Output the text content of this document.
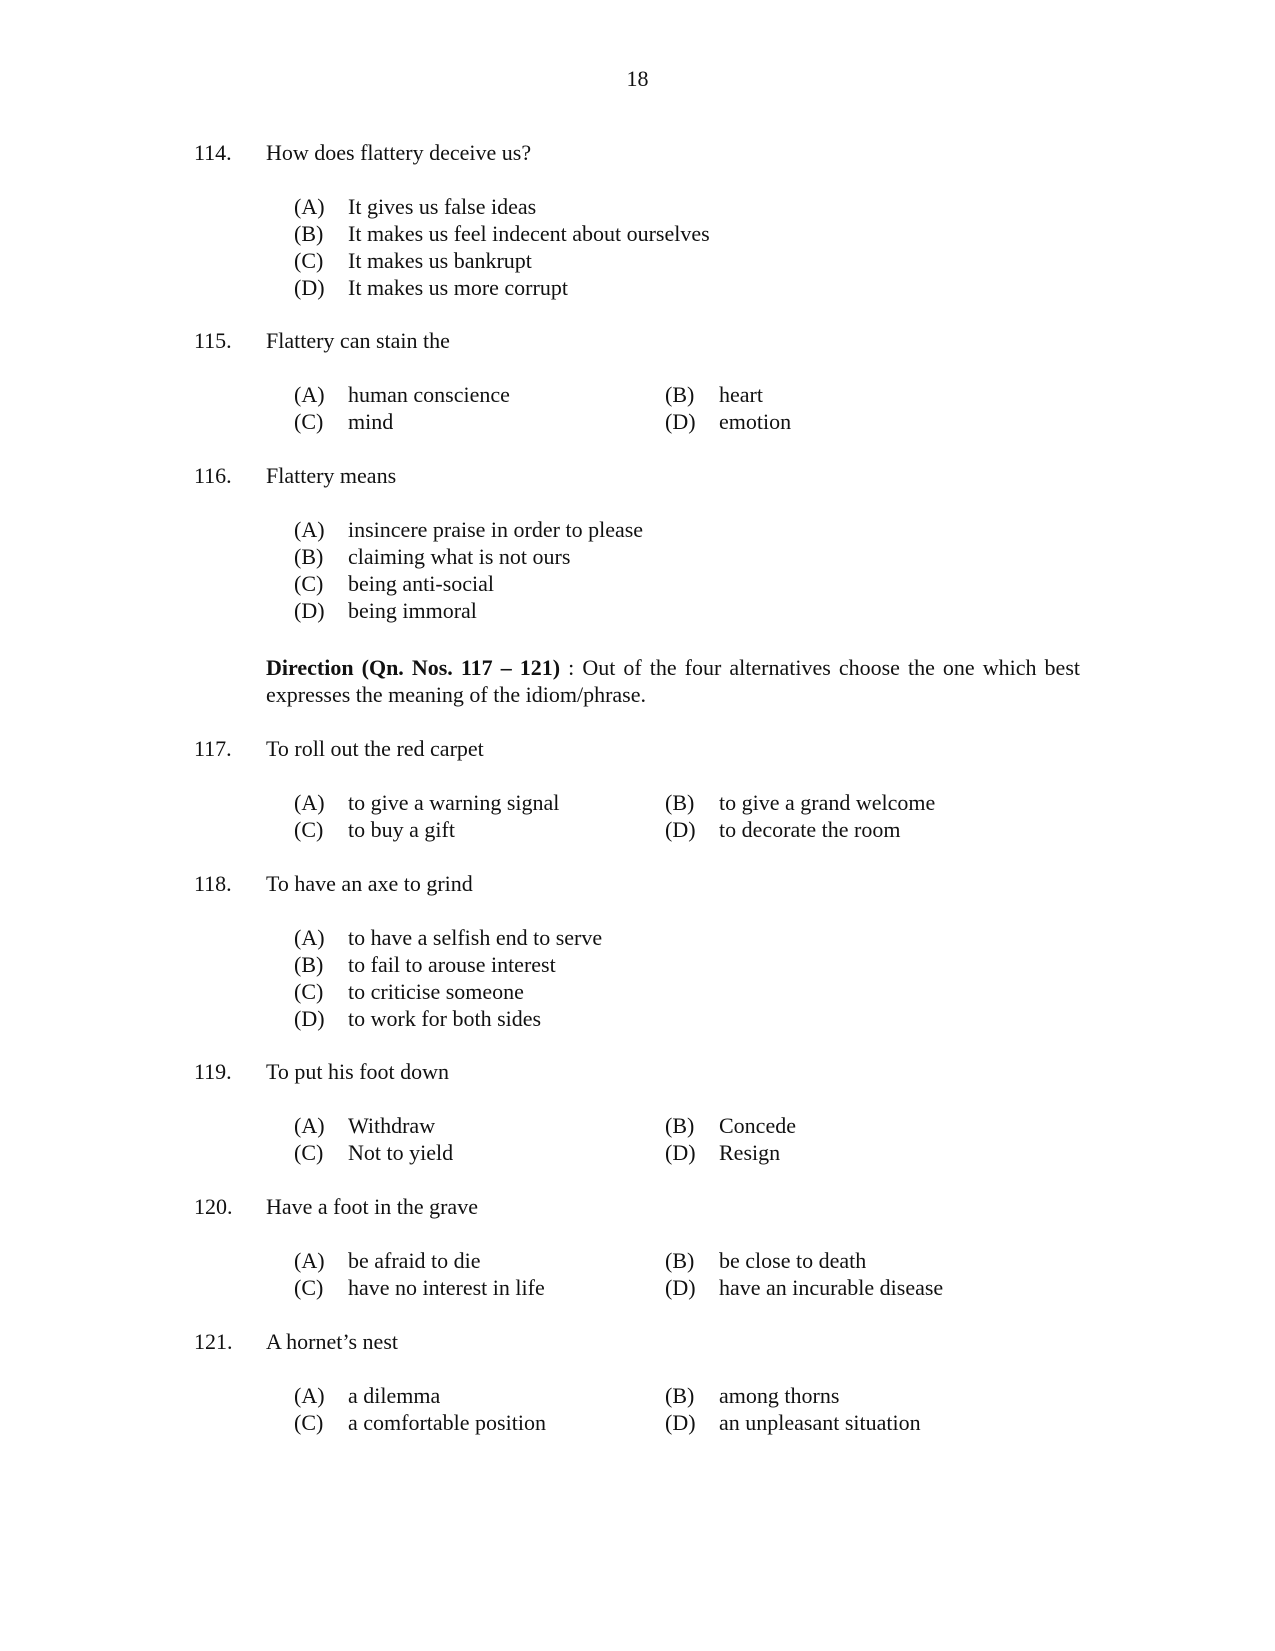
18
114. How does flattery deceive us?
(A) It gives us false ideas
(B) It makes us feel indecent about ourselves
(C) It makes us bankrupt
(D) It makes us more corrupt
115. Flattery can stain the
(A) human conscience	(B) heart
(C) mind	(D) emotion
116. Flattery means
(A) insincere praise in order to please
(B) claiming what is not ours
(C) being anti-social
(D) being immoral
Direction (Qn. Nos. 117 – 121) : Out of the four alternatives choose the one which best expresses the meaning of the idiom/phrase.
117. To roll out the red carpet
(A) to give a warning signal	(B) to give a grand welcome
(C) to buy a gift	(D) to decorate the room
118. To have an axe to grind
(A) to have a selfish end to serve
(B) to fail to arouse interest
(C) to criticise someone
(D) to work for both sides
119. To put his foot down
(A) Withdraw	(B) Concede
(C) Not to yield	(D) Resign
120. Have a foot in the grave
(A) be afraid to die	(B) be close to death
(C) have no interest in life	(D) have an incurable disease
121. A hornet’s nest
(A) a dilemma	(B) among thorns
(C) a comfortable position	(D) an unpleasant situation
